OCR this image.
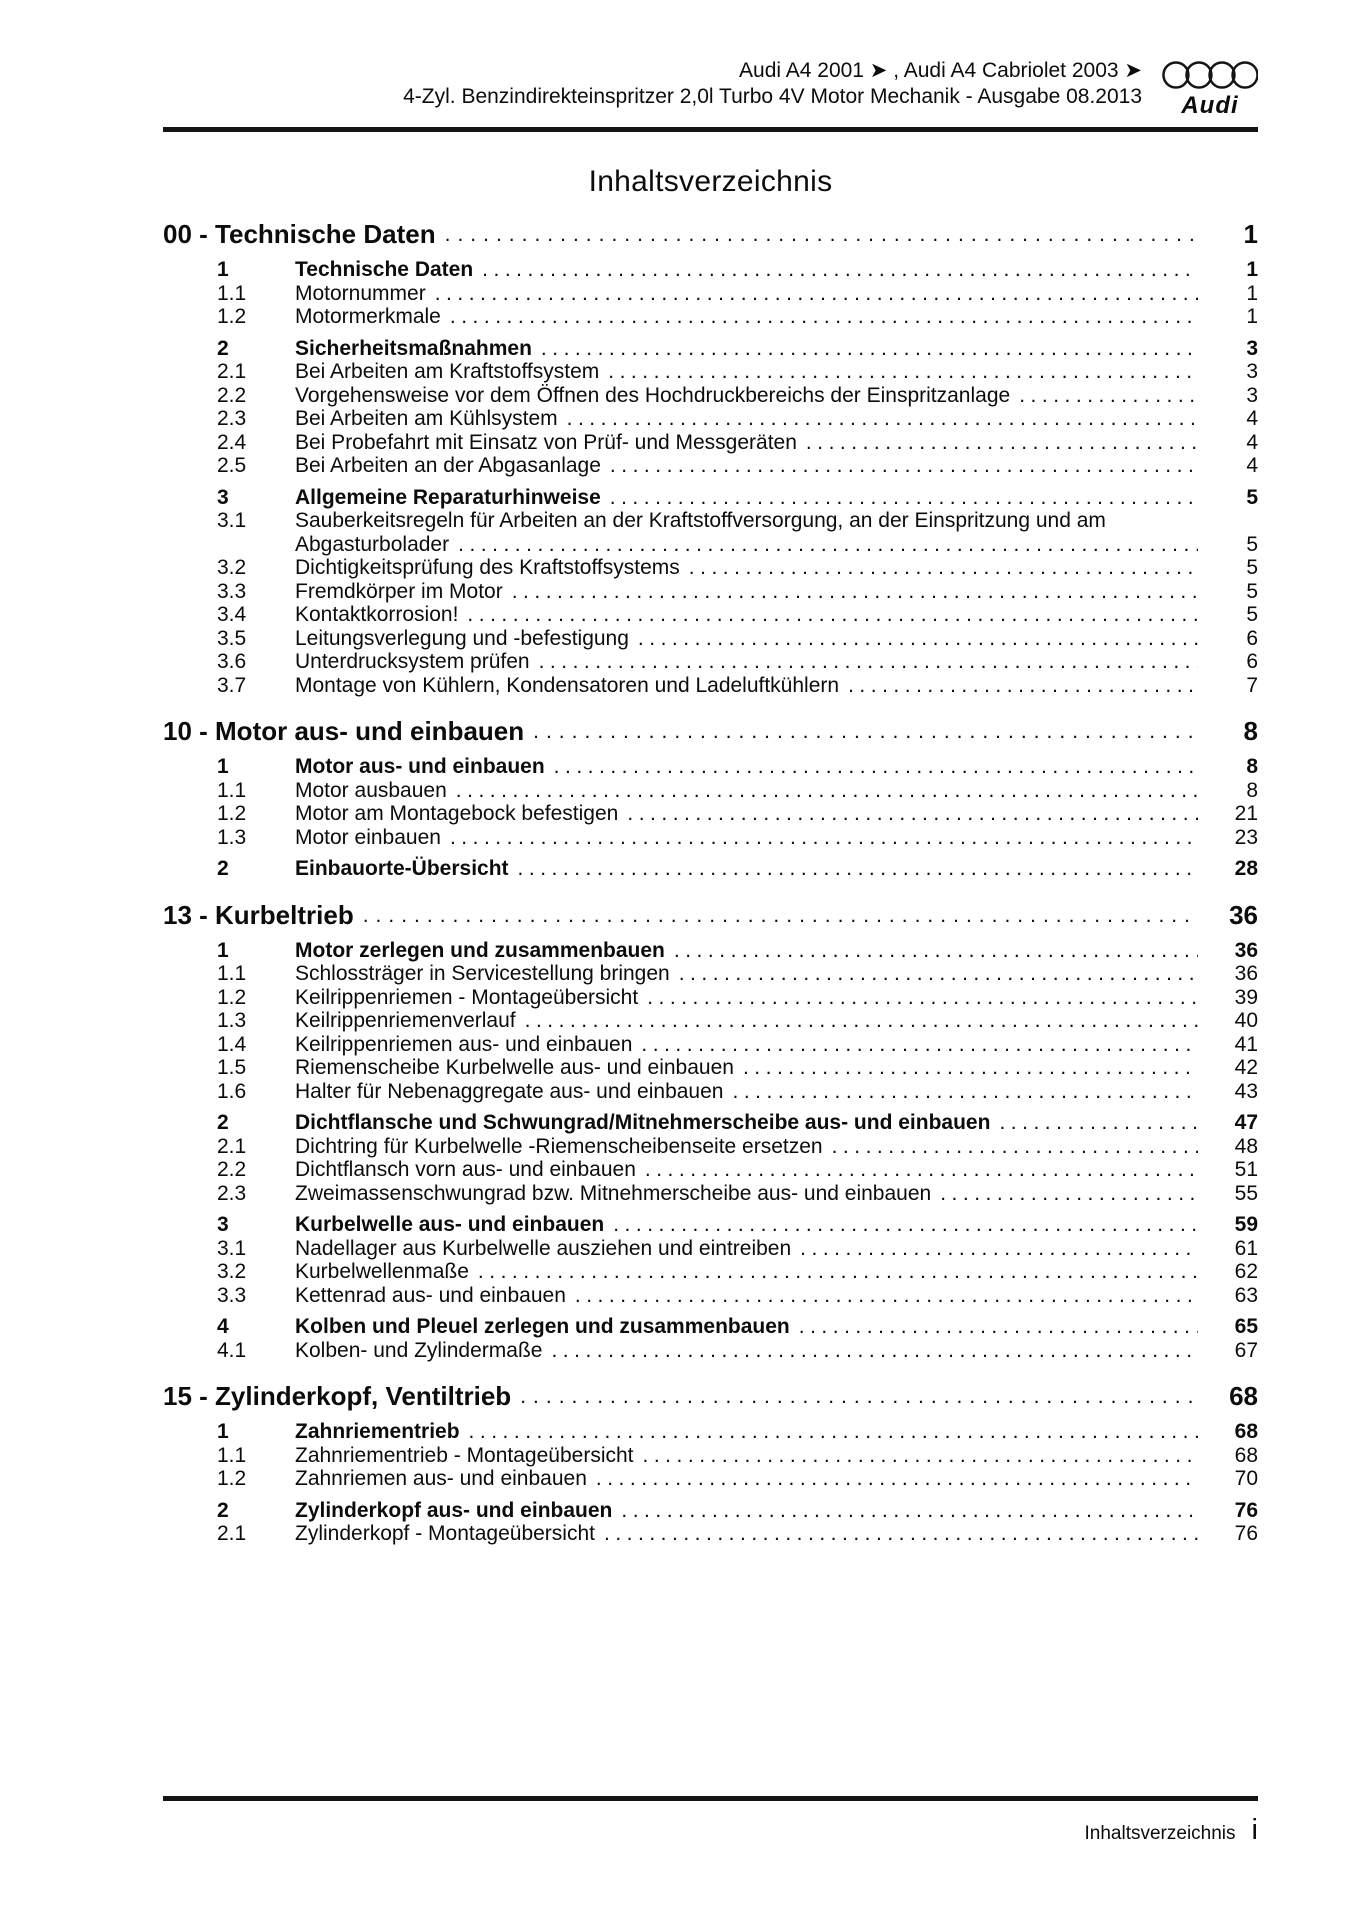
Audi A4 2001 ➤ , Audi A4 Cabriolet 2003 ➤
4-Zyl. Benzindirekteinspritzer 2,0l Turbo 4V Motor Mechanik - Ausgabe 08.2013 Audi
Inhaltsverzeichnis
00 - Technische Daten .....	1
1	Technische Daten .....	1
1.1	Motornummer .....	1
1.2	Motormerkmale .....	1
2	Sicherheitsmaßnahmen .....	3
2.1	Bei Arbeiten am Kraftstoffsystem .....	3
2.2	Vorgehensweise vor dem Öffnen des Hochdruckbereichs der Einspritzanlage .....	3
2.3	Bei Arbeiten am Kühlsystem .....	4
2.4	Bei Probefahrt mit Einsatz von Prüf- und Messgeräten .....	4
2.5	Bei Arbeiten an der Abgasanlage .....	4
3	Allgemeine Reparaturhinweise .....	5
3.1	Sauberkeitsregeln für Arbeiten an der Kraftstoffversorgung, an der Einspritzung und am
Abgasturbolader .....	5
3.2	Dichtigkeitsprüfung des Kraftstoffsystems .....	5
3.3	Fremdkörper im Motor .....	5
3.4	Kontaktkorrosion! .....	5
3.5	Leitungsverlegung und -befestigung .....	6
3.6	Unterdrucksystem prüfen .....	6
3.7	Montage von Kühlern, Kondensatoren und Ladeluftkühlern .....	7
10 - Motor aus- und einbauen .....	8
1	Motor aus- und einbauen .....	8
1.1	Motor ausbauen .....	8
1.2	Motor am Montagebock befestigen .....	21
1.3	Motor einbauen .....	23
2	Einbauorte-Übersicht .....	28
13 - Kurbeltrieb .....	36
1	Motor zerlegen und zusammenbauen .....	36
1.1	Schlossträger in Servicestellung bringen .....	36
1.2	Keilrippenriemen - Montageübersicht .....	39
1.3	Keilrippenriemenverlauf .....	40
1.4	Keilrippenriemen aus- und einbauen .....	41
1.5	Riemenscheibe Kurbelwelle aus- und einbauen .....	42
1.6	Halter für Nebenaggregate aus- und einbauen .....	43
2	Dichtflansche und Schwungrad/Mitnehmerscheibe aus- und einbauen .....	47
2.1	Dichtring für Kurbelwelle -Riemenscheibenseite ersetzen .....	48
2.2	Dichtflansch vorn aus- und einbauen .....	51
2.3	Zweimassenschwungrad bzw. Mitnehmerscheibe aus- und einbauen .....	55
3	Kurbelwelle aus- und einbauen .....	59
3.1	Nadellager aus Kurbelwelle ausziehen und eintreiben .....	61
3.2	Kurbelwellenmaße .....	62
3.3	Kettenrad aus- und einbauen .....	63
4	Kolben und Pleuel zerlegen und zusammenbauen .....	65
4.1	Kolben- und Zylindermaße .....	67
15 - Zylinderkopf, Ventiltrieb .....	68
1	Zahnriementrieb .....	68
1.1	Zahnriementrieb - Montageübersicht .....	68
1.2	Zahnriemen aus- und einbauen .....	70
2	Zylinderkopf aus- und einbauen .....	76
2.1	Zylinderkopf - Montageübersicht .....	76
Inhaltsverzeichnis i
